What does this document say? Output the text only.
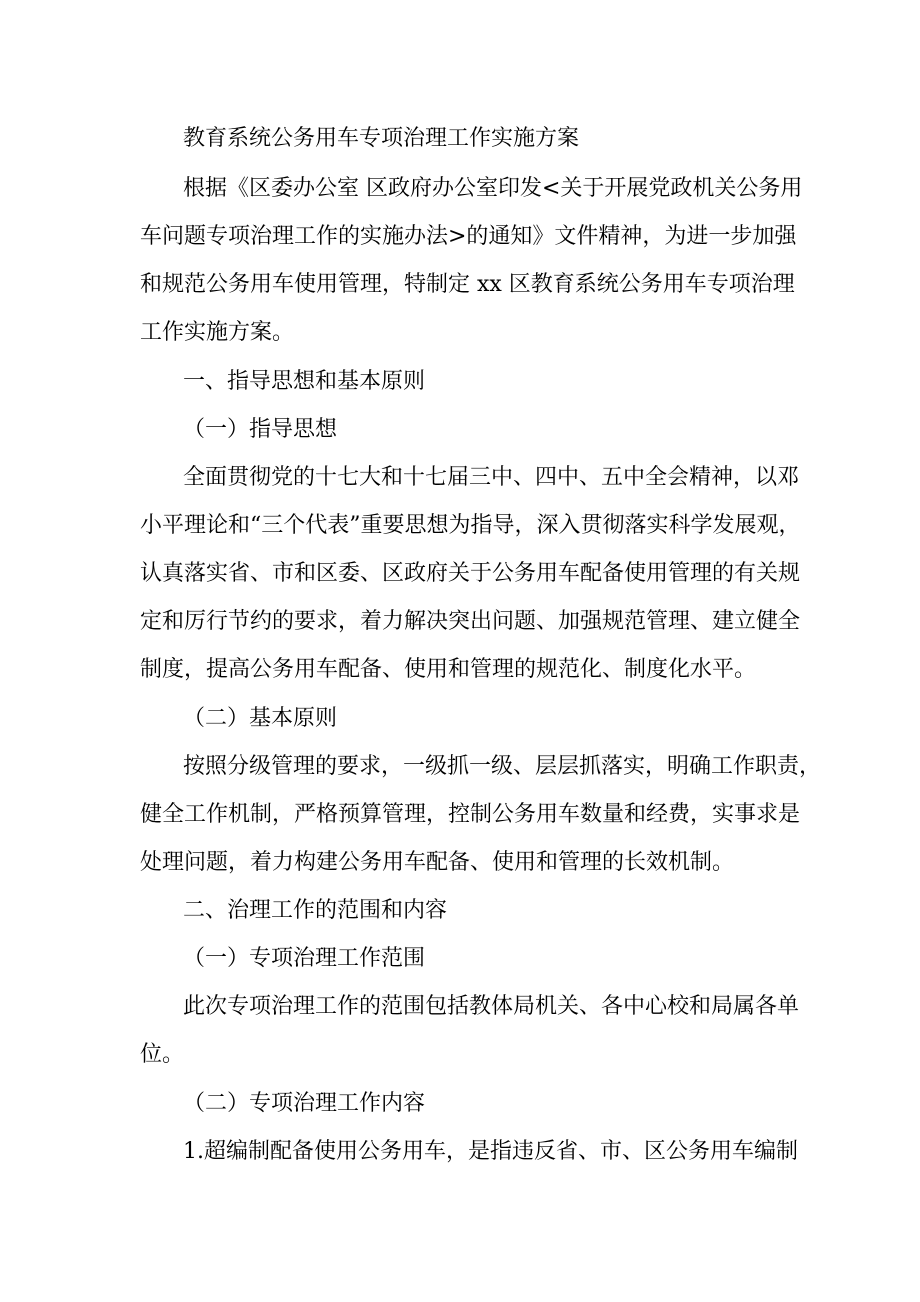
教育系统公务用车专项治理工作实施方案

根据《区委办公室 区政府办公室印发<关于开展党政机关公务用

车问题专项治理工作的实施办法>的通知》文件精神，为进一步加强

和规范公务用车使用管理，特制定 xx 区教育系统公务用车专项治理

工作实施方案。

一、指导思想和基本原则

（一）指导思想

全面贯彻党的十七大和十七届三中、四中、五中全会精神，以邓

小平理论和“三个代表”重要思想为指导，深入贯彻落实科学发展观，

认真落实省、市和区委、区政府关于公务用车配备使用管理的有关规

定和厉行节约的要求，着力解决突出问题、加强规范管理、建立健全

制度，提高公务用车配备、使用和管理的规范化、制度化水平。

（二）基本原则

按照分级管理的要求，一级抓一级、层层抓落实，明确工作职责，

健全工作机制，严格预算管理，控制公务用车数量和经费，实事求是

处理问题，着力构建公务用车配备、使用和管理的长效机制。

二、治理工作的范围和内容

（一）专项治理工作范围

此次专项治理工作的范围包括教体局机关、各中心校和局属各单

位。

（二）专项治理工作内容

1.超编制配备使用公务用车，是指违反省、市、区公务用车编制
